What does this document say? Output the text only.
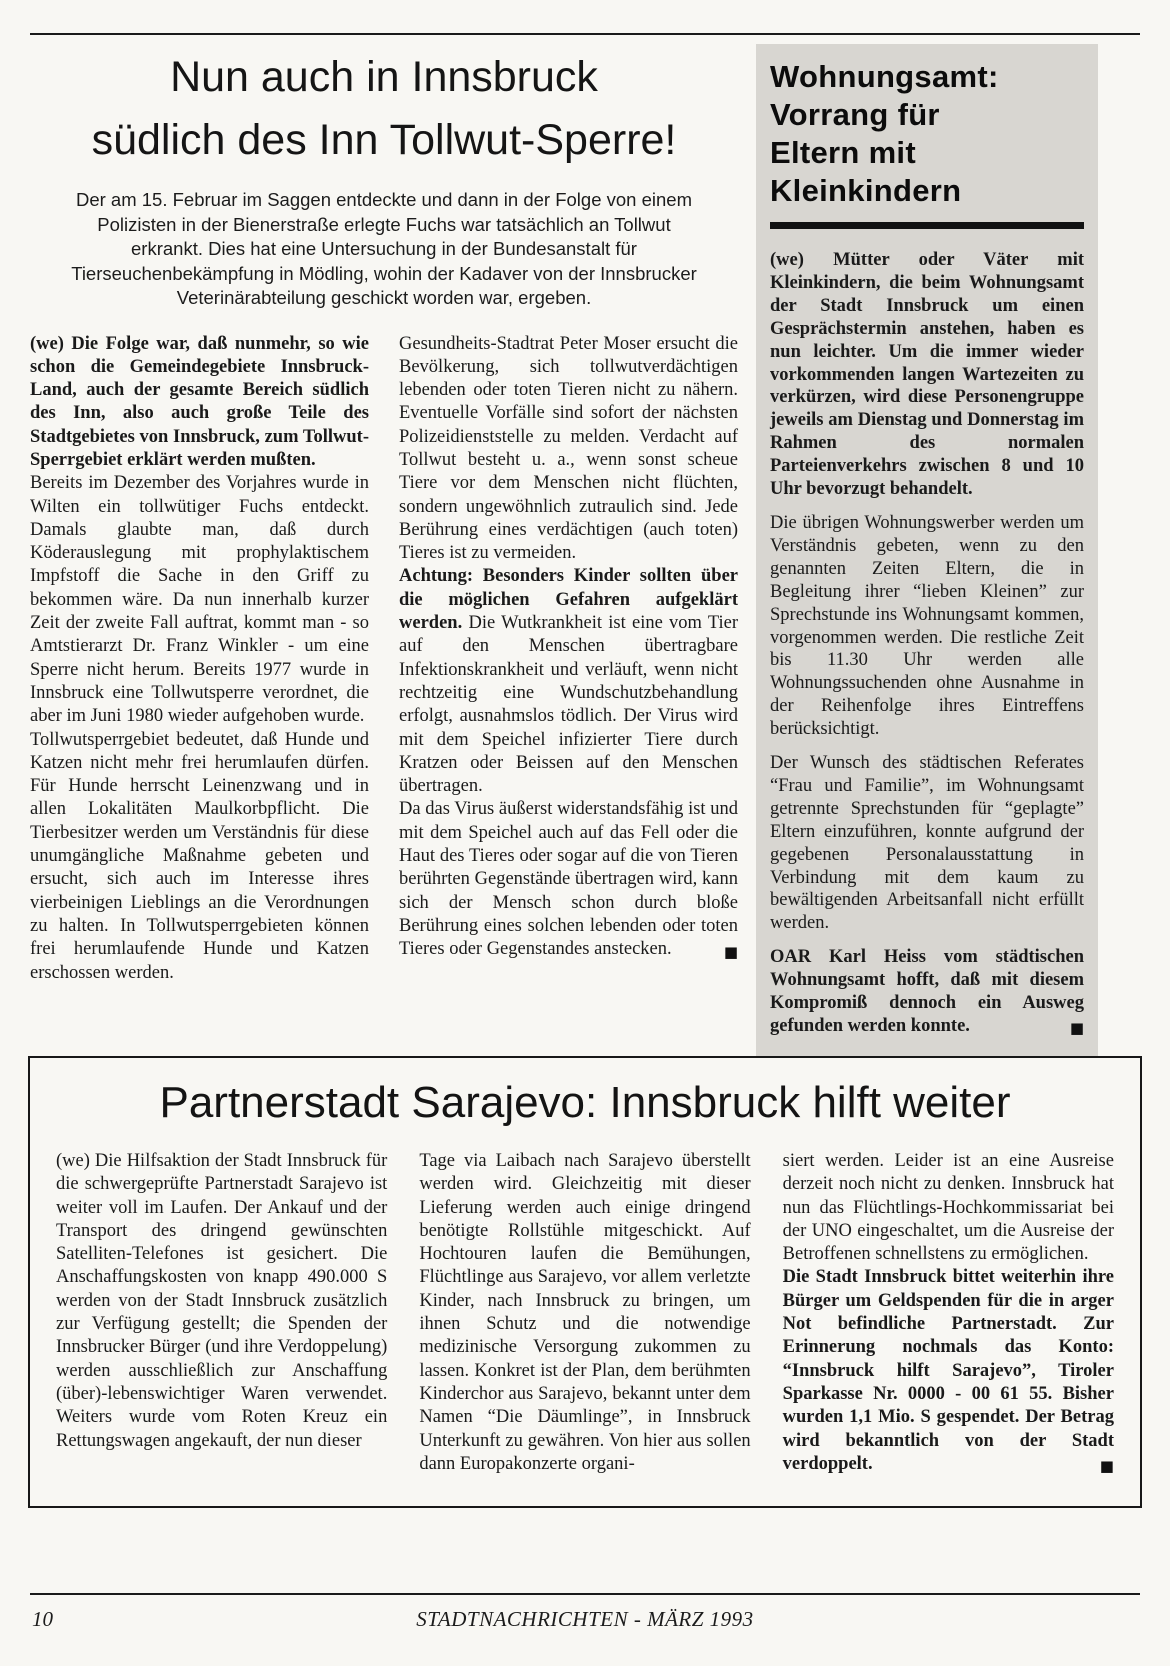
Nun auch in Innsbruck
südlich des Inn Tollwut-Sperre!

Der am 15. Februar im Saggen entdeckte und dann in der Folge von einem Polizisten in der Bienerstraße erlegte Fuchs war tatsächlich an Tollwut erkrankt. Dies hat eine Untersuchung in der Bundesanstalt für Tierseuchenbekämpfung in Mödling, wohin der Kadaver von der Innsbrucker Veterinärabteilung geschickt worden war, ergeben.

(we) Die Folge war, daß nunmehr, so wie schon die Gemeindegebiete Innsbruck-Land, auch der gesamte Bereich südlich des Inn, also auch große Teile des Stadtgebietes von Innsbruck, zum Tollwut-Sperrgebiet erklärt werden mußten.

Bereits im Dezember des Vorjahres wurde in Wilten ein tollwütiger Fuchs entdeckt. Damals glaubte man, daß durch Köderauslegung mit prophylaktischem Impfstoff die Sache in den Griff zu bekommen wäre. Da nun innerhalb kurzer Zeit der zweite Fall auftrat, kommt man - so Amtstierarzt Dr. Franz Winkler - um eine Sperre nicht herum. Bereits 1977 wurde in Innsbruck eine Tollwutsperre verordnet, die aber im Juni 1980 wieder aufgehoben wurde.

Tollwutsperrgebiet bedeutet, daß Hunde und Katzen nicht mehr frei herumlaufen dürfen. Für Hunde herrscht Leinenzwang und in allen Lokalitäten Maulkorbpflicht. Die Tierbesitzer werden um Verständnis für diese unumgängliche Maßnahme gebeten und ersucht, sich auch im Interesse ihres vierbeinigen Lieblings an die Verordnungen zu halten. In Tollwutsperrgebieten können frei herumlaufende Hunde und Katzen erschossen werden.

Gesundheits-Stadtrat Peter Moser ersucht die Bevölkerung, sich tollwutverdächtigen lebenden oder toten Tieren nicht zu nähern. Eventuelle Vorfälle sind sofort der nächsten Polizeidienststelle zu melden. Verdacht auf Tollwut besteht u. a., wenn sonst scheue Tiere vor dem Menschen nicht flüchten, sondern ungewöhnlich zutraulich sind. Jede Berührung eines verdächtigen (auch toten) Tieres ist zu vermeiden.

Achtung: Besonders Kinder sollten über die möglichen Gefahren aufgeklärt werden. Die Wutkrankheit ist eine vom Tier auf den Menschen übertragbare Infektionskrankheit und verläuft, wenn nicht rechtzeitig eine Wundschutzbehandlung erfolgt, ausnahmslos tödlich. Der Virus wird mit dem Speichel infizierter Tiere durch Kratzen oder Beissen auf den Menschen übertragen.

Da das Virus äußerst widerstandsfähig ist und mit dem Speichel auch auf das Fell oder die Haut des Tieres oder sogar auf die von Tieren berührten Gegenstände übertragen wird, kann sich der Mensch schon durch bloße Berührung eines solchen lebenden oder toten Tieres oder Gegenstandes anstecken.	■

Wohnungsamt:
Vorrang für
Eltern mit
Kleinkindern

(we) Mütter oder Väter mit Kleinkindern, die beim Wohnungsamt der Stadt Innsbruck um einen Gesprächstermin anstehen, haben es nun leichter. Um die immer wieder vorkommenden langen Wartezeiten zu verkürzen, wird diese Personengruppe jeweils am Dienstag und Donnerstag im Rahmen des normalen Parteienverkehrs zwischen 8 und 10 Uhr bevorzugt behandelt.

Die übrigen Wohnungswerber werden um Verständnis gebeten, wenn zu den genannten Zeiten Eltern, die in Begleitung ihrer “lieben Kleinen” zur Sprechstunde ins Wohnungsamt kommen, vorgenommen werden. Die restliche Zeit bis 11.30 Uhr werden alle Wohnungssuchenden ohne Ausnahme in der Reihenfolge ihres Eintreffens berücksichtigt.

Der Wunsch des städtischen Referates “Frau und Familie”, im Wohnungsamt getrennte Sprechstunden für “geplagte” Eltern einzuführen, konnte aufgrund der gegebenen Personalausstattung in Verbindung mit dem kaum zu bewältigenden Arbeitsanfall nicht erfüllt werden.

OAR Karl Heiss vom städtischen Wohnungsamt hofft, daß mit diesem Kompromiß dennoch ein Ausweg gefunden werden konnte.	■

Partnerstadt Sarajevo: Innsbruck hilft weiter

(we) Die Hilfsaktion der Stadt Innsbruck für die schwergeprüfte Partnerstadt Sarajevo ist weiter voll im Laufen. Der Ankauf und der Transport des dringend gewünschten Satelliten-Telefones ist gesichert. Die Anschaffungskosten von knapp 490.000 S werden von der Stadt Innsbruck zusätzlich zur Verfügung gestellt; die Spenden der Innsbrucker Bürger (und ihre Verdoppelung) werden ausschließlich zur Anschaffung (über)-lebenswichtiger Waren verwendet. Weiters wurde vom Roten Kreuz ein Rettungswagen angekauft, der nun dieser

Tage via Laibach nach Sarajevo überstellt werden wird. Gleichzeitig mit dieser Lieferung werden auch einige dringend benötigte Rollstühle mitgeschickt. Auf Hochtouren laufen die Bemühungen, Flüchtlinge aus Sarajevo, vor allem verletzte Kinder, nach Innsbruck zu bringen, um ihnen Schutz und die notwendige medizinische Versorgung zukommen zu lassen. Konkret ist der Plan, dem berühmten Kinderchor aus Sarajevo, bekannt unter dem Namen “Die Däumlinge”, in Innsbruck Unterkunft zu gewähren. Von hier aus sollen dann Europakonzerte organi-

siert werden. Leider ist an eine Ausreise derzeit noch nicht zu denken. Innsbruck hat nun das Flüchtlings-Hochkommissariat bei der UNO eingeschaltet, um die Ausreise der Betroffenen schnellstens zu ermöglichen.

Die Stadt Innsbruck bittet weiterhin ihre Bürger um Geldspenden für die in arger Not befindliche Partnerstadt. Zur Erinnerung nochmals das Konto: “Innsbruck hilft Sarajevo”, Tiroler Sparkasse Nr. 0000 - 00 61 55. Bisher wurden 1,1 Mio. S gespendet. Der Betrag wird bekanntlich von der Stadt verdoppelt.	■

10	STADTNACHRICHTEN - MÄRZ 1993
